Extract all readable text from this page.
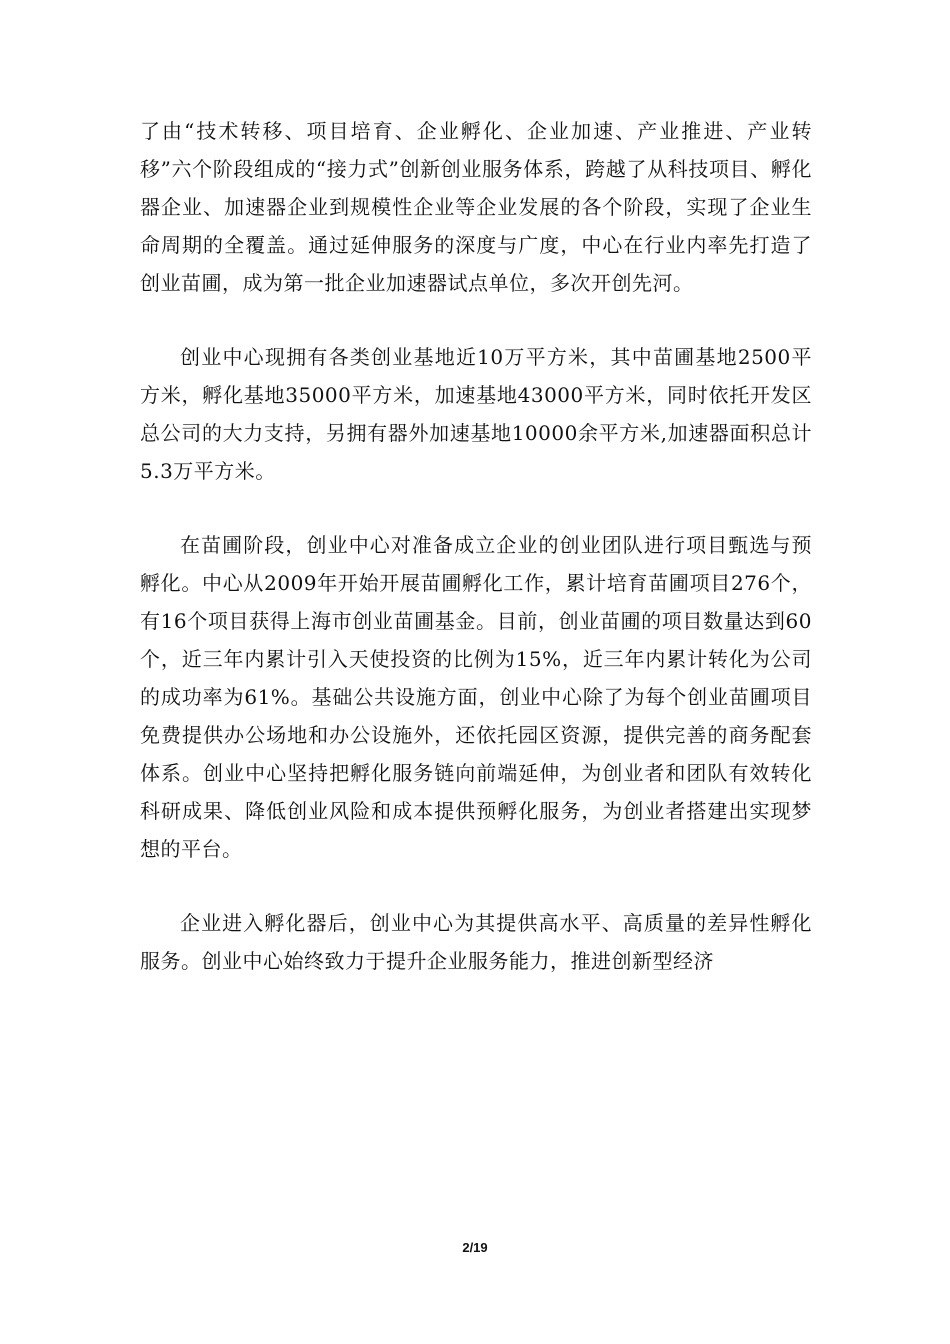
了由“技术转移、项目培育、企业孵化、企业加速、产业推进、产业转移”六个阶段组成的“接力式”创新创业服务体系，跨越了从科技项目、孵化器企业、加速器企业到规模性企业等企业发展的各个阶段，实现了企业生命周期的全覆盖。通过延伸服务的深度与广度，中心在行业内率先打造了创业苗圃，成为第一批企业加速器试点单位，多次开创先河。

创业中心现拥有各类创业基地近10万平方米，其中苗圃基地2500平方米，孵化基地35000平方米，加速基地43000平方米，同时依托开发区总公司的大力支持，另拥有器外加速基地10000余平方米,加速器面积总计5.3万平方米。

在苗圃阶段，创业中心对准备成立企业的创业团队进行项目甄选与预孵化。中心从2009年开始开展苗圃孵化工作，累计培育苗圃项目276个，有16个项目获得上海市创业苗圃基金。目前，创业苗圃的项目数量达到60个，近三年内累计引入天使投资的比例为15%，近三年内累计转化为公司的成功率为61%。基础公共设施方面，创业中心除了为每个创业苗圃项目免费提供办公场地和办公设施外，还依托园区资源，提供完善的商务配套体系。创业中心坚持把孵化服务链向前端延伸，为创业者和团队有效转化科研成果、降低创业风险和成本提供预孵化服务，为创业者搭建出实现梦想的平台。

企业进入孵化器后，创业中心为其提供高水平、高质量的差异性孵化服务。创业中心始终致力于提升企业服务能力，推进创新型经济

2/19
